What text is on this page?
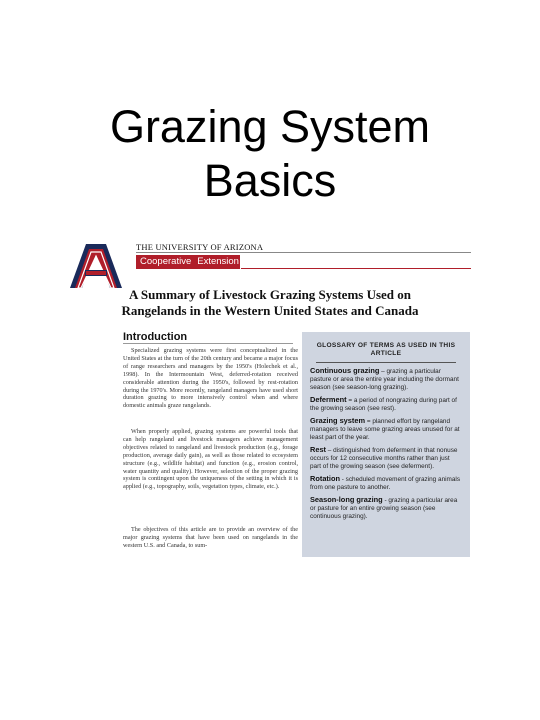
Grazing System
Basics
THE UNIVERSITY OF ARIZONA
Cooperative Extension
A Summary of Livestock Grazing Systems Used on
Rangelands in the Western United States and Canada
Introduction

Specialized grazing systems were first conceptualized in the United States at the turn of the 20th century and became a major focus of range researchers and managers by the 1950's (Holechek et al., 1998). In the Intermountain West, deferred-rotation received considerable attention during the 1950's, followed by rest-rotation during the 1970's. More recently, rangeland managers have used short duration grazing to more intensively control when and where domestic animals graze rangelands.

When properly applied, grazing systems are powerful tools that can help rangeland and livestock managers achieve management objectives related to rangeland and livestock production (e.g., forage production, average daily gain), as well as those related to ecosystem structure (e.g., wildlife habitat) and function (e.g., erosion control, water quantity and quality). However, selection of the proper grazing system is contingent upon the uniqueness of the setting in which it is applied (e.g., topography, soils, vegetation types, climate, etc.).

The objectives of this article are to provide an overview of the major grazing systems that have been used on rangelands in the western U.S. and Canada, to sum-

GLOSSARY OF TERMS AS USED IN THIS
ARTICLE
Continuous grazing – grazing a particular pasture or area the entire year including the dormant season (see season-long grazing).
Deferment = a period of nongrazing during part of the growing season (see rest).
Grazing system = planned effort by rangeland managers to leave some grazing areas unused for at least part of the year.
Rest – distinguished from deferment in that nonuse occurs for 12 consecutive months rather than just part of the growing season (see deferment).
Rotation - scheduled movement of grazing animals from one pasture to another.
Season-long grazing - grazing a particular area or pasture for an entire growing season (see continuous grazing).
